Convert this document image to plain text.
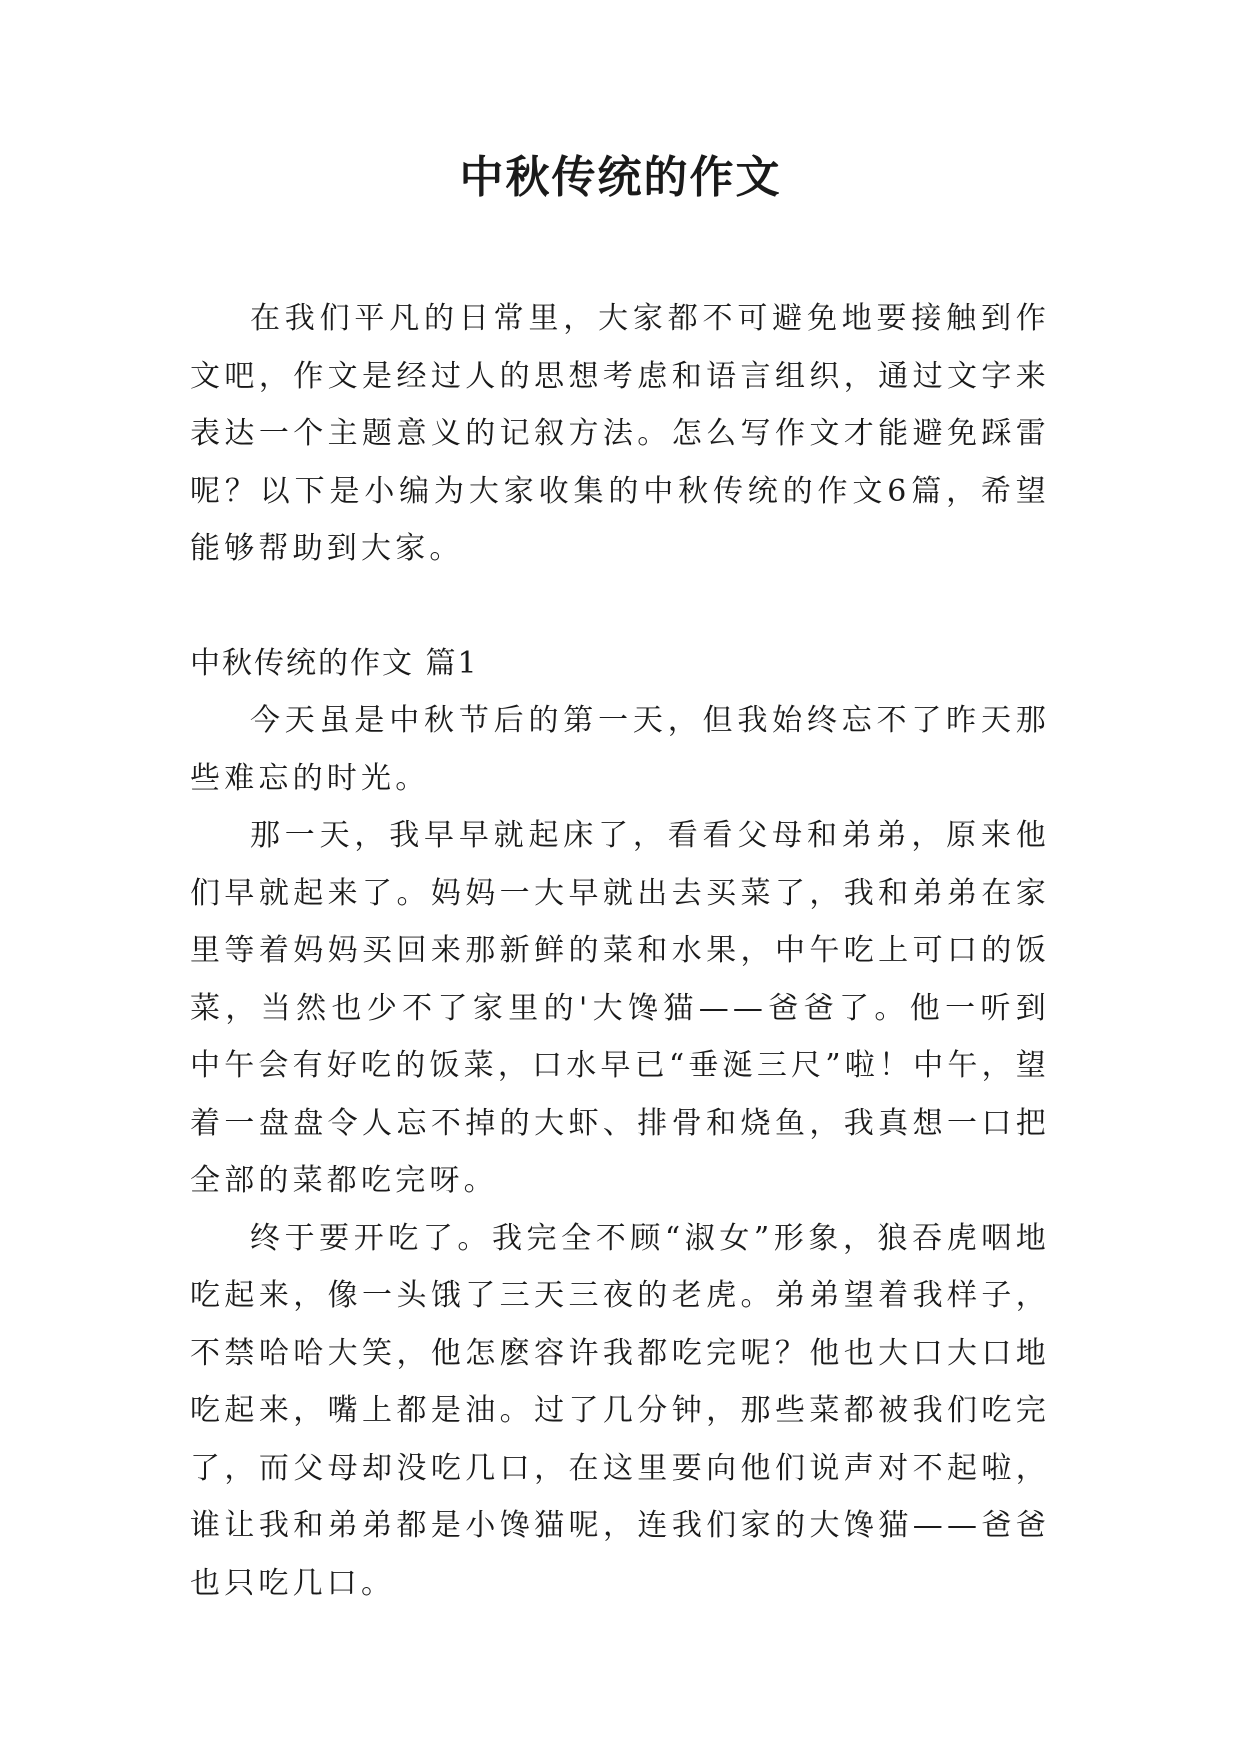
中秋传统的作文

在我们平凡的日常里，大家都不可避免地要接触到作文吧，作文是经过人的思想考虑和语言组织，通过文字来表达一个主题意义的记叙方法。怎么写作文才能避免踩雷呢？以下是小编为大家收集的中秋传统的作文6篇，希望能够帮助到大家。

中秋传统的作文 篇1

今天虽是中秋节后的第一天，但我始终忘不了昨天那些难忘的时光。

那一天，我早早就起床了，看看父母和弟弟，原来他们早就起来了。妈妈一大早就出去买菜了，我和弟弟在家里等着妈妈买回来那新鲜的菜和水果，中午吃上可口的饭菜，当然也少不了家里的'大馋猫——爸爸了。他一听到中午会有好吃的饭菜，口水早已“垂涎三尺”啦！中午，望着一盘盘令人忘不掉的大虾、排骨和烧鱼，我真想一口把全部的菜都吃完呀。

终于要开吃了。我完全不顾“淑女”形象，狼吞虎咽地吃起来，像一头饿了三天三夜的老虎。弟弟望着我样子，不禁哈哈大笑，他怎麽容许我都吃完呢？他也大口大口地吃起来，嘴上都是油。过了几分钟，那些菜都被我们吃完了，而父母却没吃几口，在这里要向他们说声对不起啦，谁让我和弟弟都是小馋猫呢，连我们家的大馋猫——爸爸也只吃几口。
